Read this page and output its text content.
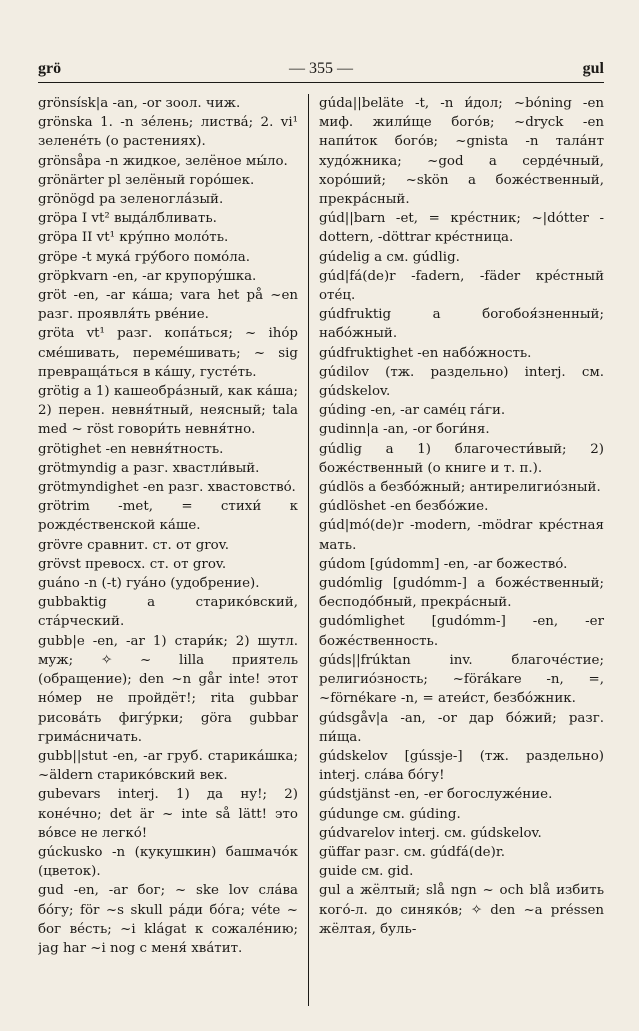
grö	— 355 —	gul

grönsísk|a -an, -or зоол. чиж.

grönska 1. -n зéлень; листвá; 2. vi¹ зеленéть (о растениях).

grönsåpa -n жидкое, зелёное мы́ло.

grönärter pl зелёный горóшек.

grönögd pa зеленоглáзый.

gröpa I vt² выдáлбливать.

gröpa II vt¹ кру́пно молóть.

gröpe -t мукá гру́бого помóла.

gröpkvarn -en, -ar крупорýшка.

gröt -en, -ar кáша; vara het på ~en разг. проявля́ть рвéние.

gröta vt¹ разг. копáться; ~ ihóp смéшивать, перемéшивать; ~ sig превращáться в кáшу, густéть.

grötig a 1) кашеобрáзный, как кáша; 2) перен. невня́тный, неясный; tala med ~ röst говори́ть невня́тно.

grötighet -en невня́тность.

grötmyndig a разг. хвастли́вый.

grötmyndighet -en разг. хвастовствó.

grötrim -met, = стихи́ к рождéственской кáше.

grövre сравнит. ст. от grov.

grövst превосх. ст. от grov.

guáno -n (-t) гуáно (удобрение).

gubbaktig a старикóвский, стáрческий.

gubb|e -en, -ar 1) стари́к; 2) шутл. муж; ✧ ~ lilla приятель (обращение); den ~n går inte! этот нóмер не пройдёт!; rita gubbar рисовáть фигу́рки; göra gubbar гримáсничать.

gubb||stut -en, -ar груб. старикáшка; ~äldern старикóвский век.

gubevars interj. 1) да ну!; 2) конéчно; det är ~ inte så lätt! это вóвсе не легкó!

gúckusko -n (кукушкин) башмачóк (цветок).

gud -en, -ar бог; ~ ske lov слáва бóгу; för ~s skull рáди бóга; véte ~ бог вéсть; ~i klágat к сожалéнию; jag har ~i nog с меня́ хвáтит.

gúda||beläte -t, -n и́дол; ~bóning -en миф. жили́ще богóв; ~dryck -en напи́ток богóв; ~gnista -n талáнт худóжника; ~god a сердéчный, хорóший; ~skön a божéственный, прекрáсный.

gúd||barn -et, = крéстник; ~|dótter -dottern, -döttrar крéстница.

gúdelig a см. gúdlig.

gúd|fá(de)r -fadern, -fäder крéстный отéц.

gúdfruktig a богобоя́зненный; набóжный.

gúdfruktighet -en набóжность.

gúdilov (тж. раздельно) interj. см. gúdskelov.

gúding -en, -ar самéц гáги.

gudinn|a -an, -or боги́ня.

gúdlig a 1) благочести́вый; 2) божéственный (о книге и т. п.).

gúdlös a безбóжный; антирелигиóзный.

gúdlöshet -en безбóжие.

gúd|mó(de)r -modern, -mödrar крéстная мать.

gúdom [gúdomm] -en, -ar божествó.

gudómlig [gudómm-] a божéственный; бесподóбный, прекрáсный.

gudómlighet [gudómm-] -en, -er божéственность.

gúds||frúktan inv. благочéстие; религиóзность; ~förákare -n, =, ~förnékare -n, = атеи́ст, безбóжник.

gúdsgåv|a -an, -or дар бóжий; разг. пи́ща.

gúdskelov [gússje-] (тж. раздельно) interj. слáва бóгу!

gúdstjänst -en, -er богослужéние.

gúdunge см. gúding.

gúdvarelov interj. см. gúdskelov.

güffar разг. см. gúdfá(de)r.

guide см. gid.

gul a жёлтый; slå ngn ~ och blå избить когó-л. до синякóв; ✧ den ~a préssen жёлтая, буль-
